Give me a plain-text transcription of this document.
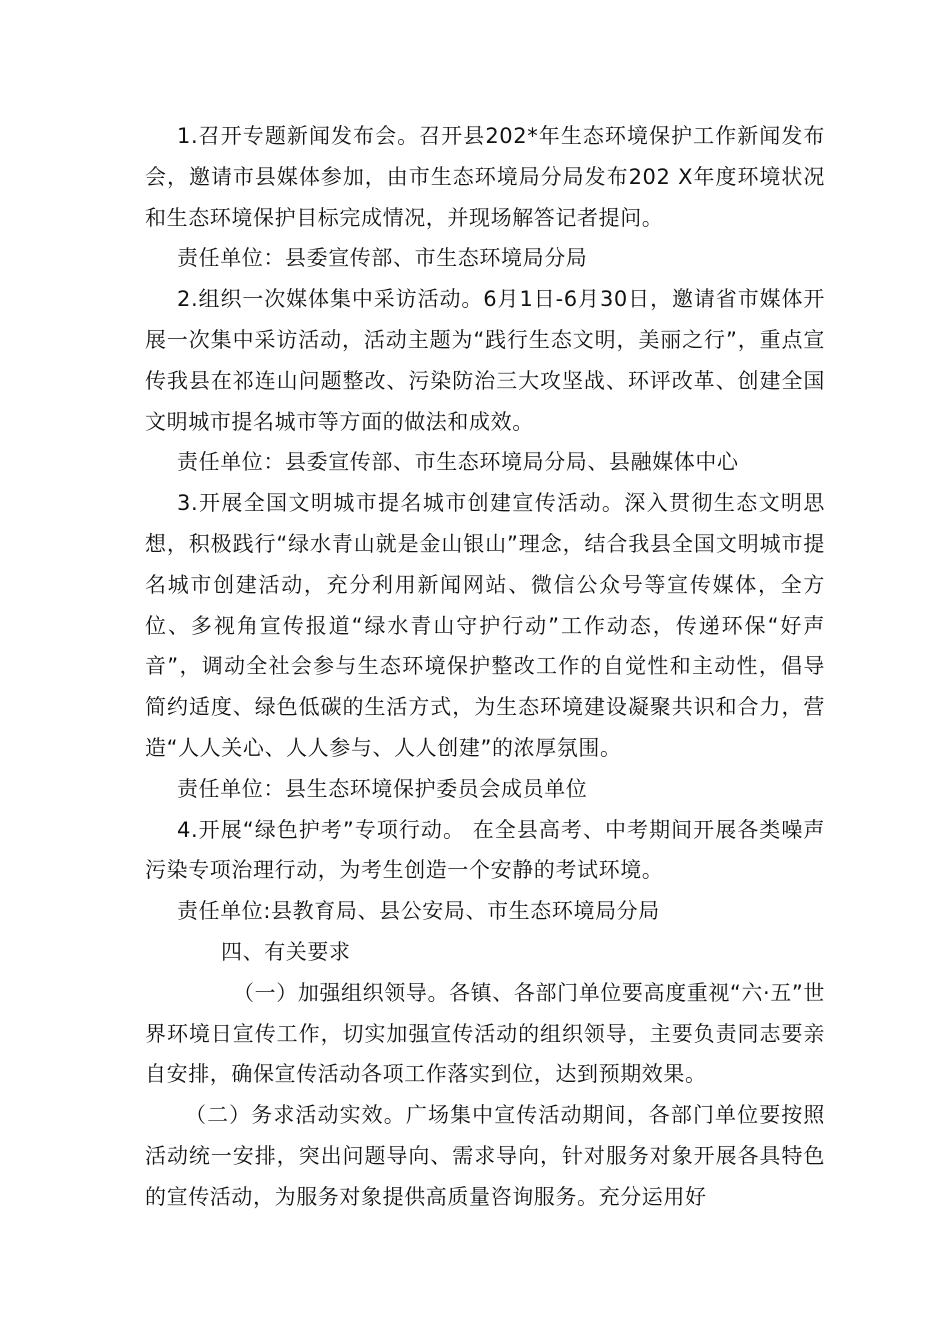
1.召开专题新闻发布会。召开县202*年生态环境保护工作新闻发布会，邀请市县媒体参加，由市生态环境局分局发布202 X年度环境状况和生态环境保护目标完成情况，并现场解答记者提问。

责任单位：县委宣传部、市生态环境局分局

2.组织一次媒体集中采访活动。6月1日-6月30日，邀请省市媒体开展一次集中采访活动，活动主题为“践行生态文明，美丽之行”，重点宣传我县在祁连山问题整改、污染防治三大攻坚战、环评改革、创建全国文明城市提名城市等方面的做法和成效。

责任单位：县委宣传部、市生态环境局分局、县融媒体中心

3.开展全国文明城市提名城市创建宣传活动。深入贯彻生态文明思想，积极践行“绿水青山就是金山银山”理念，结合我县全国文明城市提名城市创建活动，充分利用新闻网站、微信公众号等宣传媒体，全方位、多视角宣传报道“绿水青山守护行动”工作动态，传递环保“好声音”，调动全社会参与生态环境保护整改工作的自觉性和主动性，倡导简约适度、绿色低碳的生活方式，为生态环境建设凝聚共识和合力，营造“人人关心、人人参与、人人创建”的浓厚氛围。

责任单位：县生态环境保护委员会成员单位

4.开展“绿色护考”专项行动。 在全县高考、中考期间开展各类噪声污染专项治理行动，为考生创造一个安静的考试环境。

责任单位:县教育局、县公安局、市生态环境局分局

四、有关要求

（一）加强组织领导。各镇、各部门单位要高度重视“六·五”世界环境日宣传工作，切实加强宣传活动的组织领导，主要负责同志要亲自安排，确保宣传活动各项工作落实到位，达到预期效果。

（二）务求活动实效。广场集中宣传活动期间，各部门单位要按照活动统一安排，突出问题导向、需求导向，针对服务对象开展各具特色的宣传活动，为服务对象提供高质量咨询服务。充分运用好
